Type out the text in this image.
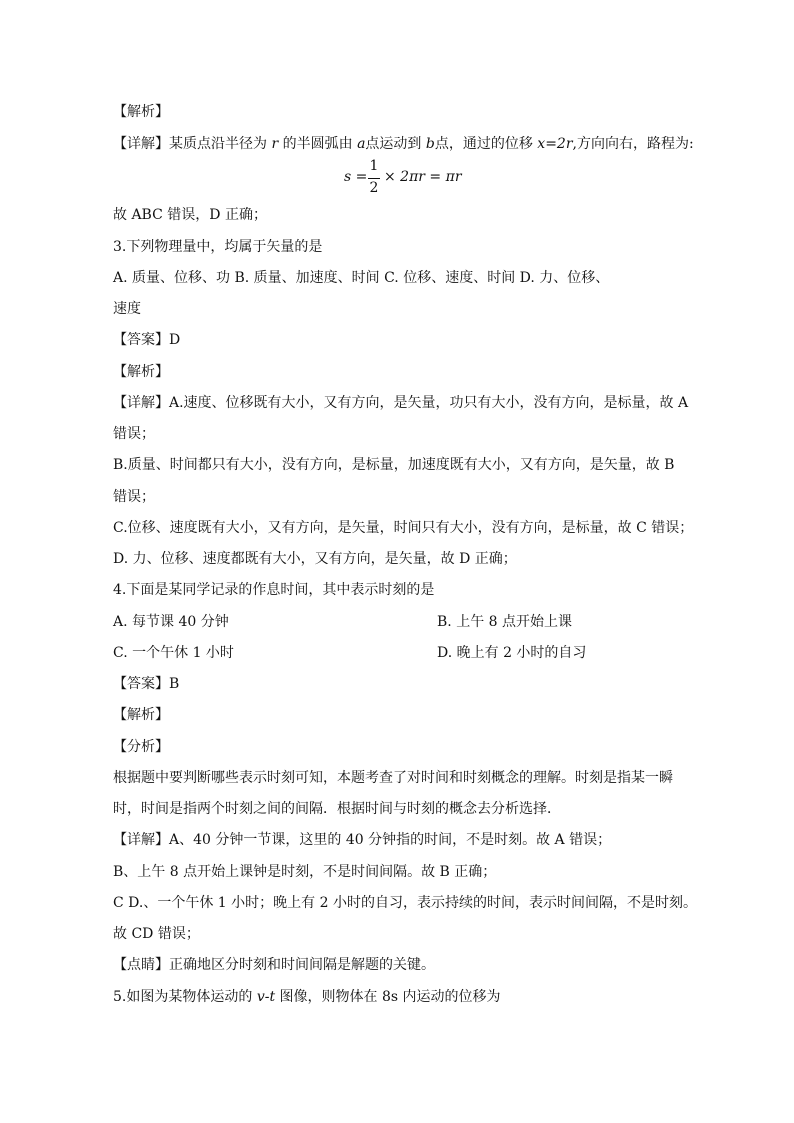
【解析】
【详解】某质点沿半径为 r 的半圆弧由 a点运动到 b点，通过的位移 x=2r,方向向右，路程为:
s =
1
2
× 2πr = πr
故 ABC 错误，D 正确；
3.下列物理量中，均属于矢量的是
A. 质量、位移、功 B. 质量、加速度、时间 C. 位移、速度、时间 D. 力、位移、
速度
【答案】D
【解析】
【详解】A.速度、位移既有大小，又有方向，是矢量，功只有大小，没有方向，是标量，故 A
错误；
B.质量、时间都只有大小，没有方向，是标量，加速度既有大小，又有方向，是矢量，故 B
错误；
C.位移、速度既有大小，又有方向，是矢量，时间只有大小，没有方向，是标量，故 C 错误；
D. 力、位移、速度都既有大小，又有方向，是矢量，故 D 正确；
4.下面是某同学记录的作息时间，其中表示时刻的是
A. 每节课 40 分钟	B. 上午 8 点开始上课
C. 一个午休 1 小时	D. 晚上有 2 小时的自习
【答案】B
【解析】
【分析】
根据题中要判断哪些表示时刻可知，本题考查了对时间和时刻概念的理解。时刻是指某一瞬
时，时间是指两个时刻之间的间隔．根据时间与时刻的概念去分析选择．
【详解】A、40 分钟一节课，这里的 40 分钟指的时间，不是时刻。故 A 错误；
B、上午 8 点开始上课钟是时刻，不是时间间隔。故 B 正确；
C D.、一个午休 1 小时；晚上有 2 小时的自习，表示持续的时间，表示时间间隔，不是时刻。
故 CD 错误；
【点睛】正确地区分时刻和时间间隔是解题的关键。
5.如图为某物体运动的 v-t 图像，则物体在 8s 内运动的位移为
